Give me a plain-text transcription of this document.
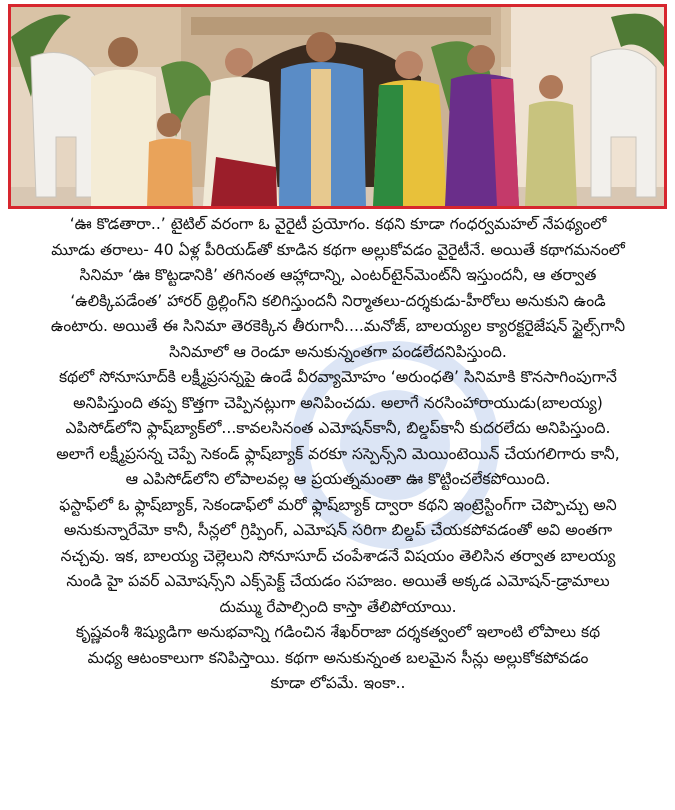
‘ఊ కొడతారా..’ టైటిల్ వరంగా ఓ వైరైటీ ప్రయోగం. కథని కూడా గంధర్వమహల్ నేపథ్యంలో
మూడు తరాలు- 40 ఏళ్ల పీరియడ్‌తో కూడిన కథగా అల్లుకోవడం వైరైటీనే. అయితే కథాగమనంలో
సినిమా ‘ఊ కొట్టడానికి’ తగినంత ఆహ్లాదాన్ని, ఎంటర్‌టైన్‌మెంట్‌నీ ఇస్తుందనీ, ఆ తర్వాత
‘ఉలిక్కిపడేంత’ హారర్ థ్రిల్లింగ్‌ని కలిగిస్తుందనీ నిర్మాతలు-దర్శకుడు-హీరోలు అనుకుని ఉండి
ఉంటారు. అయితే ఈ సినిమా తెరకెక్కిన తీరుగానీ....మనోజ్, బాలయ్యల క్యారక్టరైజేషన్ స్టైల్స్‌గానీ
సినిమాలో ఆ రెండూ అనుకున్నంతగా పండలేదనిపిస్తుంది.

కథలో సోనూసూద్‌కి లక్ష్మీప్రసన్నపై ఉండే వీరవ్యామోహం ‘అరుంధతి’ సినిమాకి కొనసాగింపుగానే
అనిపిస్తుంది తప్ప కొత్తగా చెప్పినట్లుగా అనిపించదు. అలాగే నరసింహారాయుడు(బాలయ్య)
ఎపిసోడ్‌లోని ఫ్లాష్‌బ్యాక్‌లో...కావలసినంత ఎమోషన్‌కానీ, బిల్డప్‌కానీ కుదరలేదు అనిపిస్తుంది.
అలాగే లక్ష్మీప్రసన్న చెప్పే సెకండ్ ఫ్లాష్‌బ్యాక్ వరకూ సస్పెన్స్‌ని మెయింటెయిన్ చేయగలిగారు కానీ,
ఆ ఎపిసోడ్‌లోని లోపాలవల్ల ఆ ప్రయత్నమంతా ఊ కొట్టించలేకపోయింది.

ఫస్టాఫ్‌లో ఓ ఫ్లాష్‌బ్యాక్, సెకండాఫ్‌లో మరో ఫ్లాష్‌బ్యాక్ ద్వారా కథని ఇంట్రెస్టింగ్‌గా చెప్పొచ్చు అని
అనుకున్నారేమో కానీ, సీన్లలో గ్రిప్పింగ్, ఎమోషన్ సరిగా బిల్డప్ చేయకపోవడంతో అవి అంతగా
నచ్చవు. ఇక, బాలయ్య చెల్లెలుని సోనూసూద్ చంపేశాడనే విషయం తెలిసిన తర్వాత బాలయ్య
నుండి హై పవర్ ఎమోషన్స్‌ని ఎక్స్‌పెక్ట్ చేయడం సహజం. అయితే అక్కడ ఎమోషన్-డ్రామాలు
దుమ్ము రేపాల్సింది కాస్తా తేలిపోయాయి.

కృష్ణవంశీ శిష్యుడిగా అనుభవాన్ని గడించిన శేఖర్‌రాజా దర్శకత్వంలో ఇలాంటి లోపాలు కథ
మధ్య ఆటంకాలుగా కనిపిస్తాయి. కథగా అనుకున్నంత బలమైన సీన్లు అల్లుకోకపోవడం
కూడా లోపమే. ఇంకా..
